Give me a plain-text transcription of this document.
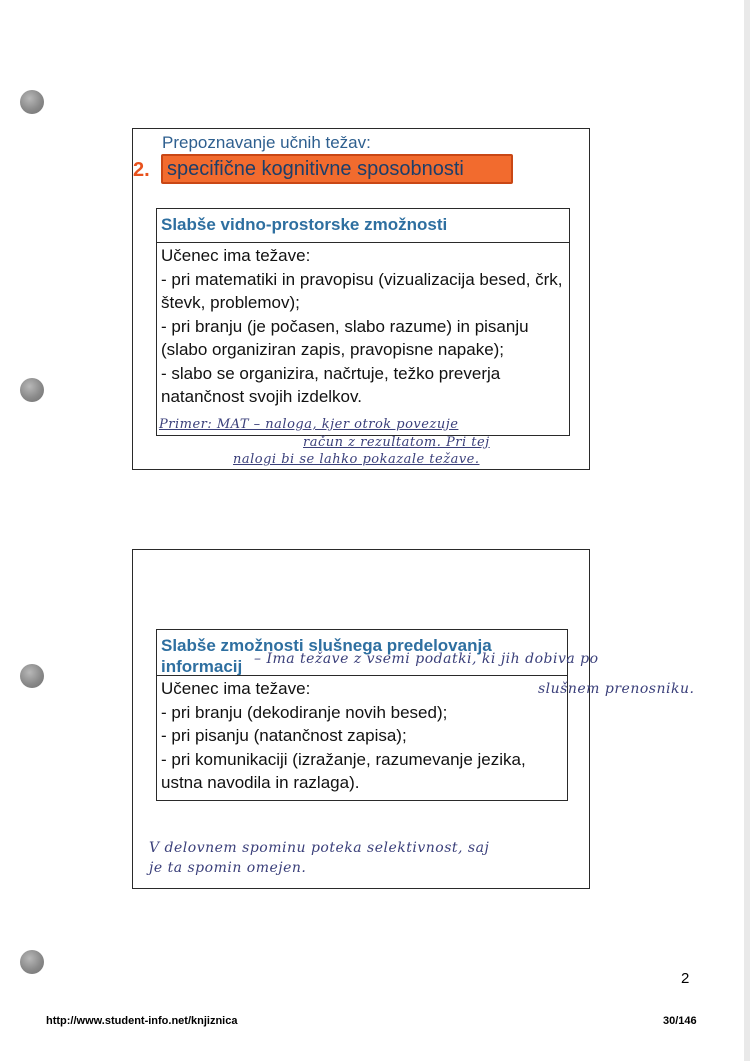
Prepoznavanje učnih težav:
2. specifične kognitivne sposobnosti
Slabše vidno-prostorske zmožnosti

Učenec ima težave:

- pri matematiki in pravopisu (vizualizacija besed, črk, števk, problemov);

- pri branju (je počasen, slabo razume) in pisanju (slabo organiziran zapis, pravopisne napake);

- slabo se organizira, načrtuje, težko preverja natančnost svojih izdelkov.

Primer: MAT – naloga, kjer otrok povezuje
račun z rezultatom. Pri tej
nalogi bi se lahko pokazale težave.
Slabše zmožnosti slušnega predelovanja
informacij

Učenec ima težave:

- pri branju (dekodiranje novih besed);

- pri pisanju (natančnost zapisa);

- pri komunikaciji (izražanje, razumevanje jezika, ustna navodila in razlaga).

V delovnem spominu poteka selektivnost, saj
je ta spomin omejen.
– Ima težave z vsemi podatki, ki jih dobiva po
slušnem prenosniku.
2
http://www.student-info.net/knjiznica	30/146
